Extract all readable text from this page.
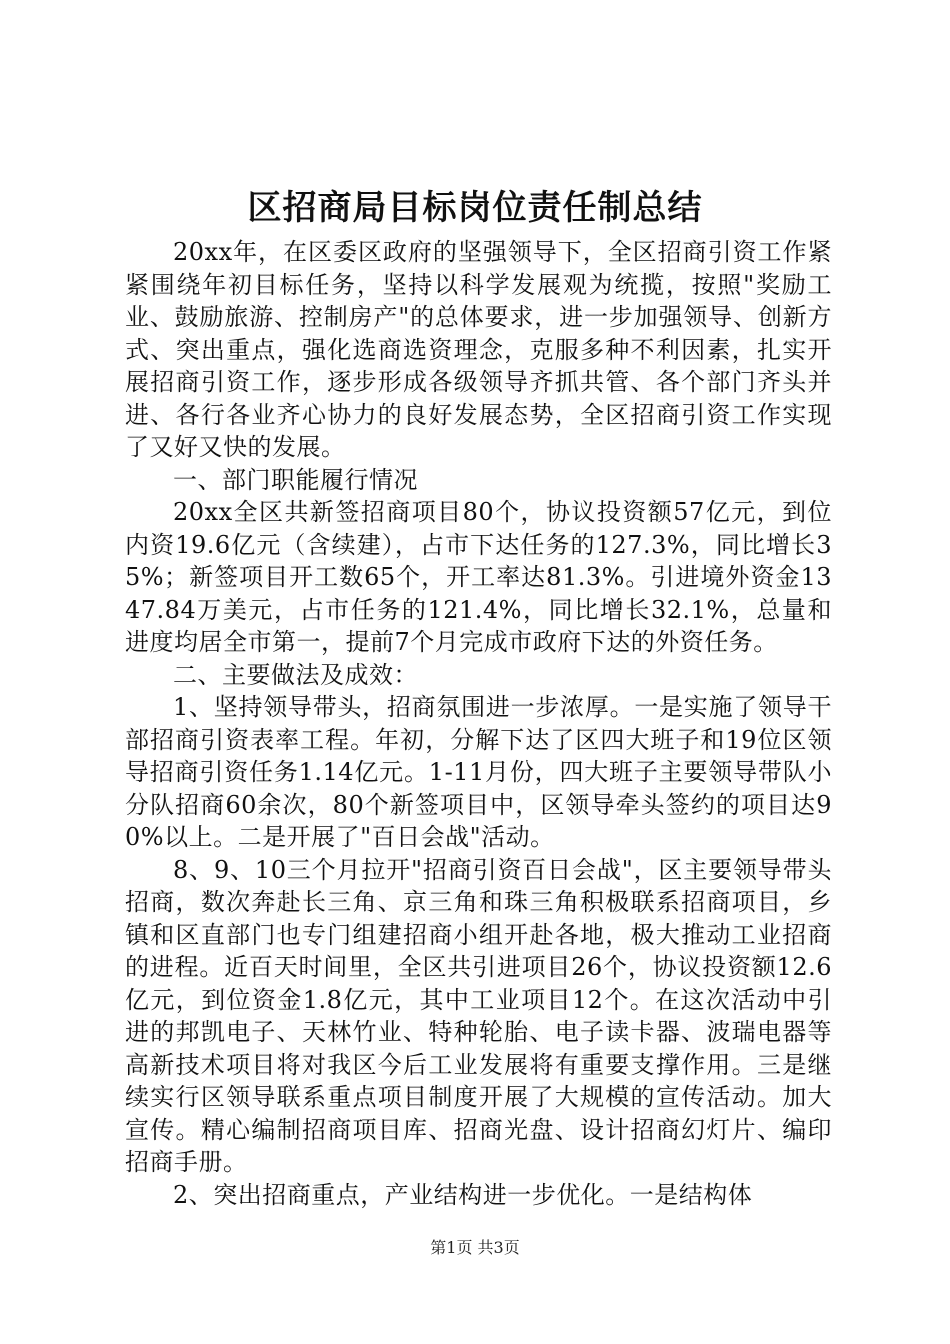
区招商局目标岗位责任制总结

20xx年，在区委区政府的坚强领导下，全区招商引资工作紧紧围绕年初目标任务，坚持以科学发展观为统揽，按照"奖励工业、鼓励旅游、控制房产"的总体要求，进一步加强领导、创新方式、突出重点，强化选商选资理念，克服多种不利因素，扎实开展招商引资工作，逐步形成各级领导齐抓共管、各个部门齐头并进、各行各业齐心协力的良好发展态势，全区招商引资工作实现了又好又快的发展。

一、部门职能履行情况

20xx全区共新签招商项目80个，协议投资额57亿元，到位内资19.6亿元（含续建），占市下达任务的127.3%，同比增长35%；新签项目开工数65个，开工率达81.3%。引进境外资金1347.84万美元，占市任务的121.4%，同比增长32.1%，总量和进度均居全市第一，提前7个月完成市政府下达的外资任务。

二、主要做法及成效：

1、坚持领导带头，招商氛围进一步浓厚。一是实施了领导干部招商引资表率工程。年初，分解下达了区四大班子和19位区领导招商引资任务1.14亿元。1-11月份，四大班子主要领导带队小分队招商60余次，80个新签项目中，区领导牵头签约的项目达90%以上。二是开展了"百日会战"活动。

8、9、10三个月拉开"招商引资百日会战"，区主要领导带头招商，数次奔赴长三角、京三角和珠三角积极联系招商项目，乡镇和区直部门也专门组建招商小组开赴各地，极大推动工业招商的进程。近百天时间里，全区共引进项目26个，协议投资额12.6亿元，到位资金1.8亿元，其中工业项目12个。在这次活动中引进的邦凯电子、天林竹业、特种轮胎、电子读卡器、波瑞电器等高新技术项目将对我区今后工业发展将有重要支撑作用。三是继续实行区领导联系重点项目制度开展了大规模的宣传活动。加大宣传。精心编制招商项目库、招商光盘、设计招商幻灯片、编印招商手册。

2、突出招商重点，产业结构进一步优化。一是结构体

第1页 共3页
